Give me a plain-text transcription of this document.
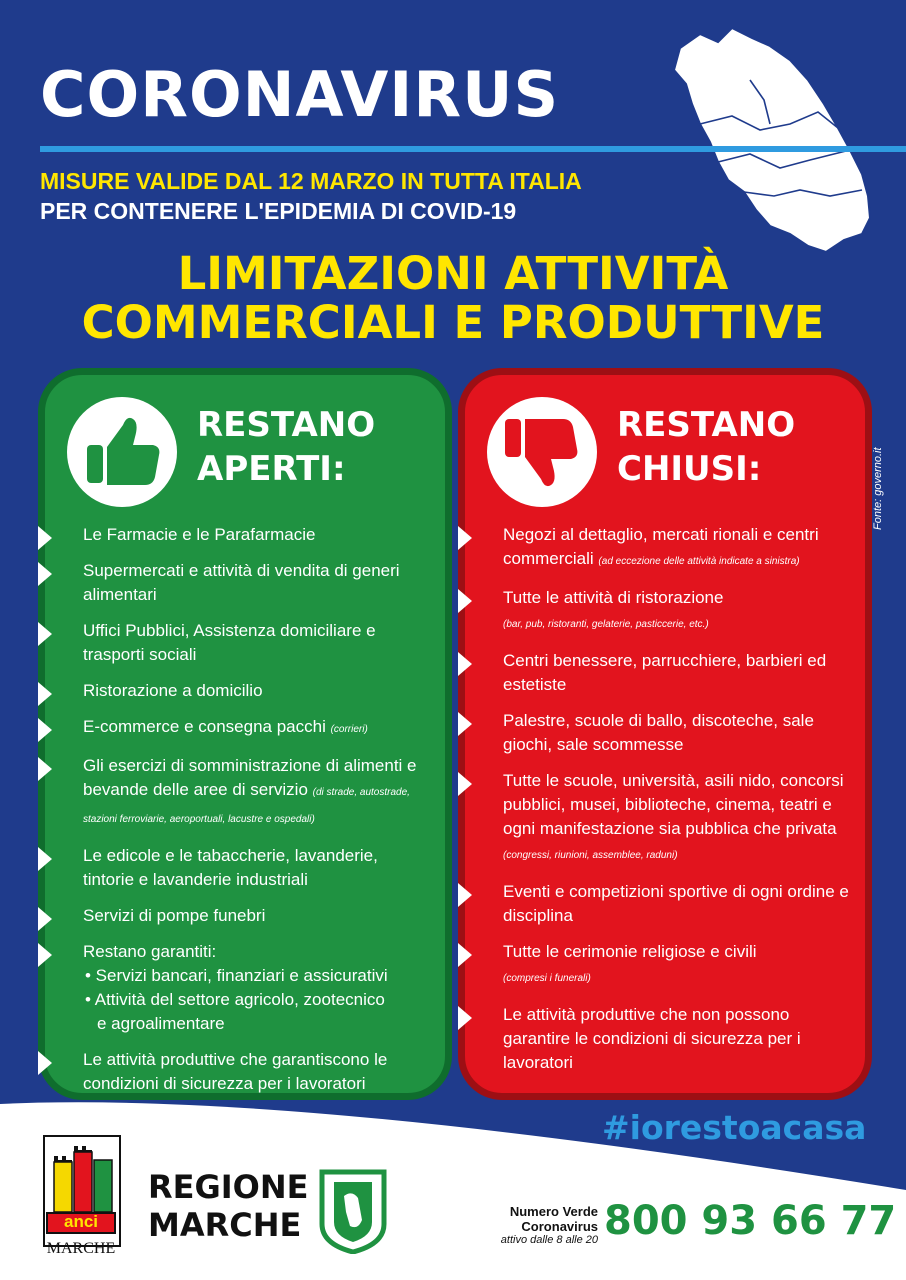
CORONAVIRUS
MISURE VALIDE DAL 12 MARZO IN TUTTA ITALIA
PER CONTENERE L'EPIDEMIA DI COVID-19
LIMITAZIONI ATTIVITÀ
COMMERCIALI E PRODUTTIVE
RESTANO
APERTI:
Le Farmacie e le Parafarmacie
Supermercati e attività di vendita di generi alimentari
Uffici Pubblici, Assistenza domiciliare e trasporti sociali
Ristorazione a domicilio
E-commerce e consegna pacchi (corrieri)
Gli esercizi di somministrazione di alimenti e bevande delle aree di servizio (di strade, autostrade, stazioni ferroviarie, aeroportuali, lacustre e ospedali)
Le edicole e le tabaccherie, lavanderie, tintorie e lavanderie industriali
Servizi di pompe funebri
Restano garantiti:
• Servizi bancari, finanziari e assicurativi
• Attività del settore agricolo, zootecnico
e agroalimentare
Le attività produttive che garantiscono le condizioni di sicurezza per i lavoratori
RESTANO
CHIUSI:
Negozi al dettaglio, mercati rionali e centri commerciali (ad eccezione delle attività indicate a sinistra)
Tutte le attività di ristorazione
(bar, pub, ristoranti, gelaterie, pasticcerie, etc.)
Centri benessere, parrucchiere, barbieri ed estetiste
Palestre, scuole di ballo, discoteche, sale giochi, sale scommesse
Tutte le scuole, università, asili nido, concorsi pubblici, musei, biblioteche, cinema, teatri e ogni manifestazione sia pubblica che privata
(congressi, riunioni, assemblee, raduni)
Eventi e competizioni sportive di ogni ordine e disciplina
Tutte le cerimonie religiose e civili
(compresi i funerali)
Le attività produttive che non possono garantire le condizioni di sicurezza per i lavoratori
Fonte: governo.it
#iorestoacasa
anci
MARCHE
REGIONE
MARCHE	Numero Verde
Coronavirus
attivo dalle 8 alle 20 800 93 66 77
